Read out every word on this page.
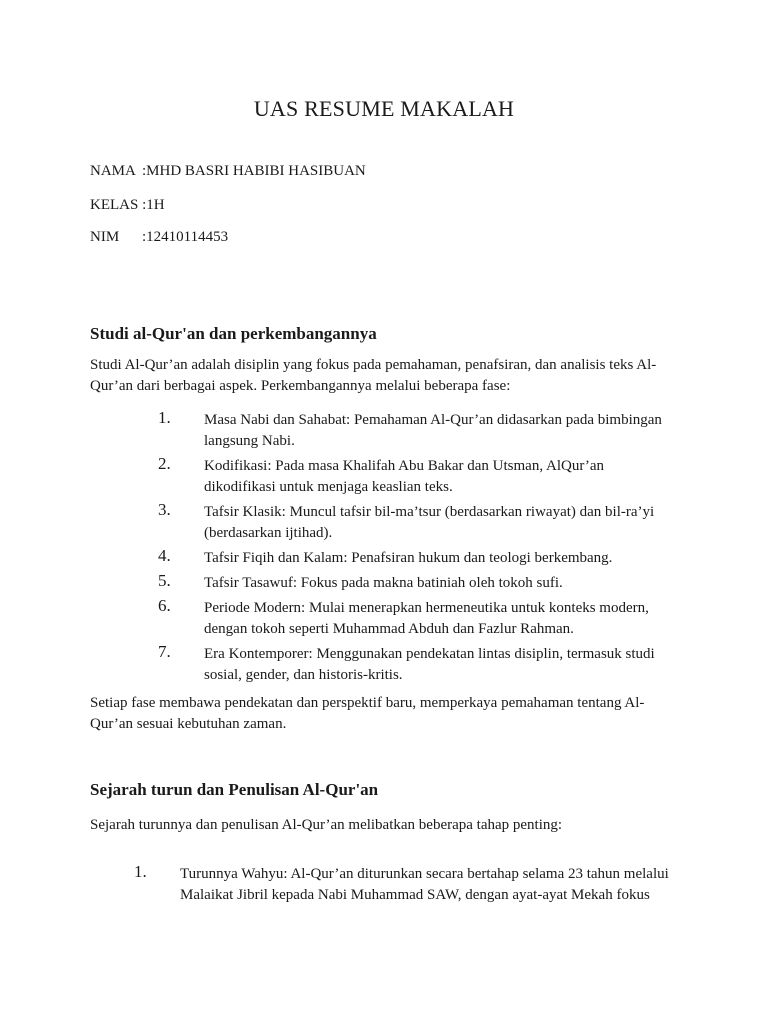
UAS RESUME MAKALAH
NAMA :MHD BASRI HABIBI HASIBUAN
KELAS :1H
NIM :12410114453
Studi al-Qur'an dan perkembangannya
Studi Al-Qur’an adalah disiplin yang fokus pada pemahaman, penafsiran, dan analisis teks Al-Qur’an dari berbagai aspek. Perkembangannya melalui beberapa fase:
1. Masa Nabi dan Sahabat: Pemahaman Al-Qur’an didasarkan pada bimbingan langsung Nabi.
2. Kodifikasi: Pada masa Khalifah Abu Bakar dan Utsman, AlQur’an dikodifikasi untuk menjaga keaslian teks.
3. Tafsir Klasik: Muncul tafsir bil-ma’tsur (berdasarkan riwayat) dan bil-ra’yi (berdasarkan ijtihad).
4. Tafsir Fiqih dan Kalam: Penafsiran hukum dan teologi berkembang.
5. Tafsir Tasawuf: Fokus pada makna batiniah oleh tokoh sufi.
6. Periode Modern: Mulai menerapkan hermeneutika untuk konteks modern, dengan tokoh seperti Muhammad Abduh dan Fazlur Rahman.
7. Era Kontemporer: Menggunakan pendekatan lintas disiplin, termasuk studi sosial, gender, dan historis-kritis.
Setiap fase membawa pendekatan dan perspektif baru, memperkaya pemahaman tentang Al-Qur’an sesuai kebutuhan zaman.
Sejarah turun dan Penulisan Al-Qur'an
Sejarah turunnya dan penulisan Al-Qur’an melibatkan beberapa tahap penting:
1. Turunnya Wahyu: Al-Qur’an diturunkan secara bertahap selama 23 tahun melalui Malaikat Jibril kepada Nabi Muhammad SAW, dengan ayat-ayat Mekah fokus
